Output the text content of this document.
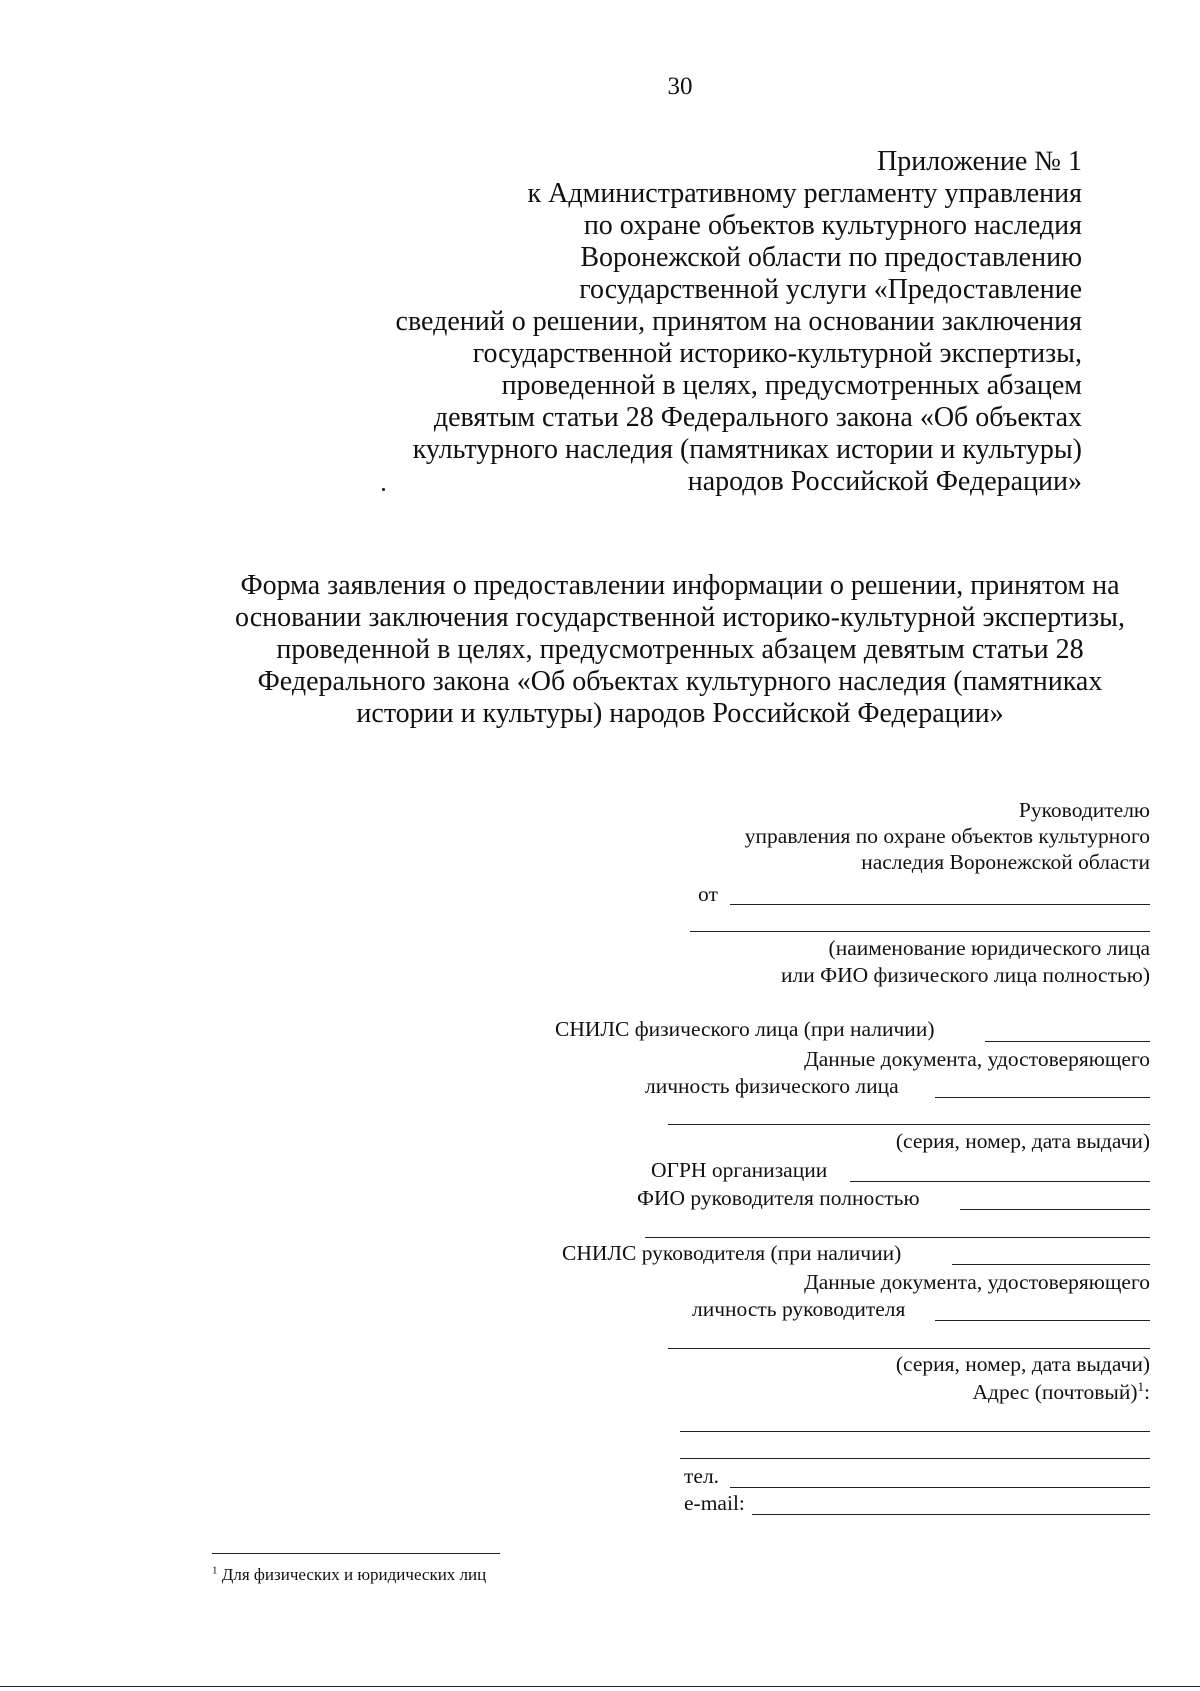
30
Приложение № 1
к Административному регламенту управления
по охране объектов культурного наследия
Воронежской области по предоставлению
государственной услуги «Предоставление
сведений о решении, принятом на основании заключения
государственной историко-культурной экспертизы,
проведенной в целях, предусмотренных абзацем
девятым статьи 28 Федерального закона «Об объектах
культурного наследия (памятниках истории и культуры)
народов Российской Федерации»
Форма заявления о предоставлении информации о решении, принятом на
основании заключения государственной историко-культурной экспертизы,
проведенной в целях, предусмотренных абзацем девятым статьи 28
Федерального закона «Об объектах культурного наследия (памятниках
истории и культуры) народов Российской Федерации»
Руководителю
управления по охране объектов культурного
наследия Воронежской области
от
(наименование юридического лица
или ФИО физического лица полностью)
СНИЛС физического лица (при наличии)
Данные документа, удостоверяющего
личность физического лица
(серия, номер, дата выдачи)
ОГРН организации
ФИО руководителя полностью
СНИЛС руководителя (при наличии)
Данные документа, удостоверяющего
личность руководителя
(серия, номер, дата выдачи)
Адрес (почтовый)$^1$:
тел.
e-mail:
$^1$ Для физических и юридических лиц
